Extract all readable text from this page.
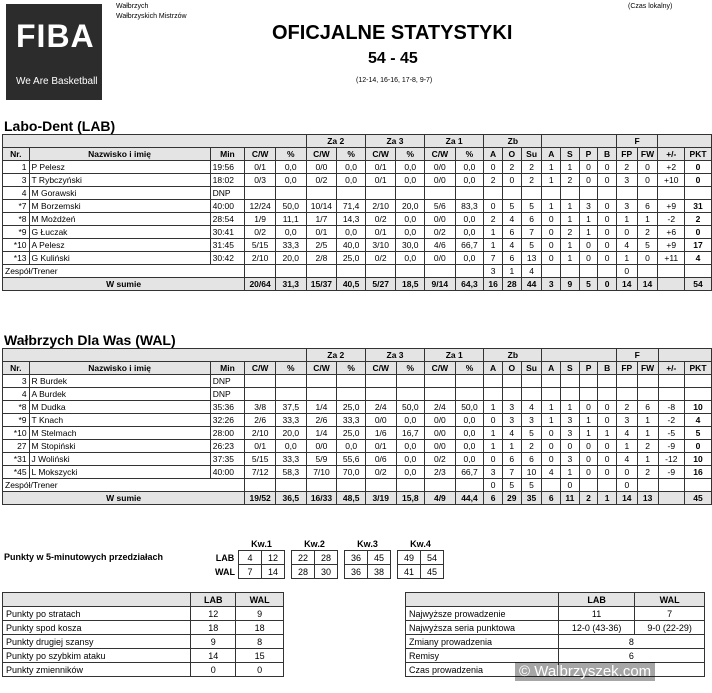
FIBA
We Are Basketball
Wałbrzych
Wałbrzyskich Mistrzów
(Czas lokalny)
OFICJALNE STATYSTYKI
54 - 45
(12-14, 16-16, 17-8, 9-7)
Labo-Dent (LAB)
					Za 2		Za 3		Za 1		Zb							F			
Nr.	Nazwisko i imię	Min	C/W	%	C/W	%	C/W	%	C/W	%	A	O	Su	A	S	P	B	FP	FW	+/-	PKT
1	P Pelesz	19:56	0/1	0,0	0/0	0,0	0/1	0,0	0/0	0,0	0	2	2	1	1	0	0	2	0	+2	0
3	T Rybczyński	18:02	0/3	0,0	0/2	0,0	0/1	0,0	0/0	0,0	2	0	2	1	2	0	0	3	0	+10	0
4	M Gorawski	DNP																			
*7	M Borzemski	40:00	12/24	50,0	10/14	71,4	2/10	20,0	5/6	83,3	0	5	5	1	1	3	0	3	6	+9	31
*8	M Możdżeń	28:54	1/9	11,1	1/7	14,3	0/2	0,0	0/0	0,0	2	4	6	0	1	1	0	1	1	-2	2
*9	G Łuczak	30:41	0/2	0,0	0/1	0,0	0/1	0,0	0/2	0,0	1	6	7	0	2	1	0	0	2	+6	0
*10	A Pelesz	31:45	5/15	33,3	2/5	40,0	3/10	30,0	4/6	66,7	1	4	5	0	1	0	0	4	5	+9	17
*13	G Kuliński	30:42	2/10	20,0	2/8	25,0	0/2	0,0	0/0	0,0	7	6	13	0	1	0	0	1	0	+11	4
Zespół/Trener											3	1	4					0			
W sumie			20/64	31,3	15/37	40,5	5/27	18,5	9/14	64,3	16	28	44	3	9	5	0	14	14		54
Wałbrzych Dla Was (WAL)
					Za 2		Za 3		Za 1		Zb							F			
Nr.	Nazwisko i imię	Min	C/W	%	C/W	%	C/W	%	C/W	%	A	O	Su	A	S	P	B	FP	FW	+/-	PKT
3	R Burdek	DNP																			
4	A Burdek	DNP																			
*8	M Dudka	35:36	3/8	37,5	1/4	25,0	2/4	50,0	2/4	50,0	1	3	4	1	1	0	0	2	6	-8	10
*9	T Knach	32:26	2/6	33,3	2/6	33,3	0/0	0,0	0/0	0,0	0	3	3	1	3	1	0	3	1	-2	4
*10	M Stelmach	28:00	2/10	20,0	1/4	25,0	1/6	16,7	0/0	0,0	1	4	5	0	3	1	1	4	1	-5	5
27	M Stopiński	26:23	0/1	0,0	0/0	0,0	0/1	0,0	0/0	0,0	1	1	2	0	0	0	0	1	2	-9	0
*31	J Woliński	37:35	5/15	33,3	5/9	55,6	0/6	0,0	0/2	0,0	0	6	6	0	3	0	0	4	1	-12	10
*45	L Mokszycki	40:00	7/12	58,3	7/10	70,0	0/2	0,0	2/3	66,7	3	7	10	4	1	0	0	0	2	-9	16
Zespół/Trener											0	5	5		0			0			
W sumie			19/52	36,5	16/33	48,5	3/19	15,8	4/9	44,4	6	29	35	6	11	2	1	14	13		45
Punkty w 5-minutowych przedziałach
	Kw.1			Kw.2			Kw.3			Kw.4	
LAB	4	12		22	28		36	45		49	54
WAL	7	14		28	30		36	38		41	45
	LAB	WAL
Punkty po stratach	12	9
Punkty spod kosza	18	18
Punkty drugiej szansy	9	8
Punkty po szybkim ataku	14	15
Punkty zmienników	0	0
	LAB	WAL
Najwyższe prowadzenie	11	7
Najwyższa seria punktowa	12-0 (43-36)	9-0 (22-29)
Zmiany prowadzenia	8	
Remisy	6	
Czas prowadzenia		© Walbrzyszek.com
